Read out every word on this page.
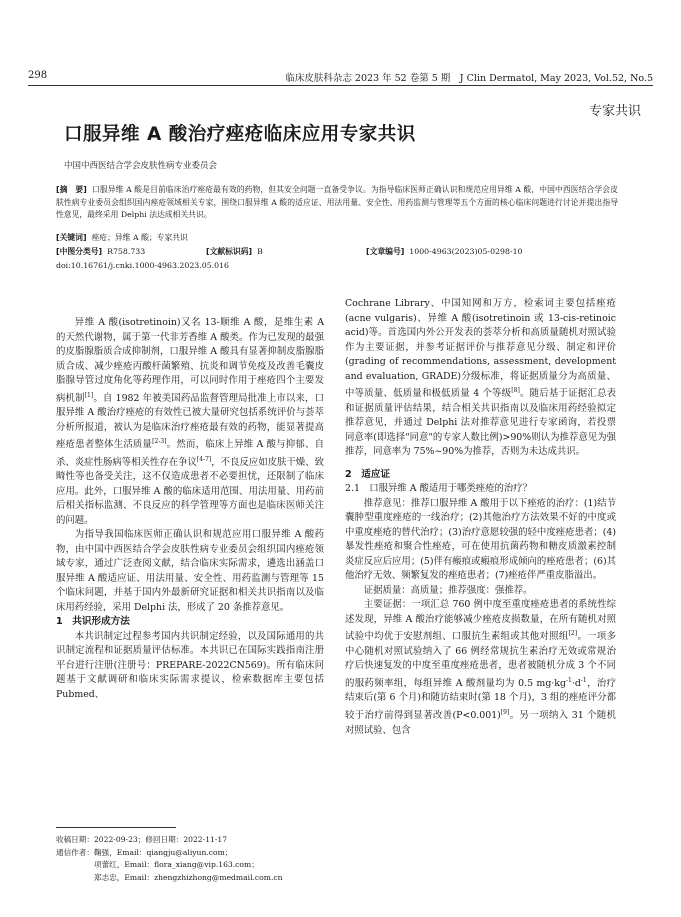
298	临床皮肤科杂志 2023 年 52 卷第 5 期　J Clin Dermatol, May 2023, Vol.52, No.5
专家共识
口服异维 A 酸治疗痤疮临床应用专家共识
中国中西医结合学会皮肤性病专业委员会
[摘　要] 口服异维 A 酸是目前临床治疗痤疮最有效的药物，但其安全问题一直备受争议。为指导临床医师正确认识和规范应用异维 A 酸，中国中西医结合学会皮肤性病专业委员会组织国内痤疮领域相关专家，围绕口服异维 A 酸的适应证、用法用量、安全性、用药监测与管理等五个方面的核心临床问题进行讨论并提出指导性意见，最终采用 Delphi 法达成相关共识。
[关键词] 痤疮；异维 A 酸；专家共识
[中图分类号] R758.733	[文献标识码] B	[文章编号] 1000-4963(2023)05-0298-10
doi:10.16761/j.cnki.1000-4963.2023.05.016

异维 A 酸(isotretinoin)又名 13-顺维 A 酸，是维生素 A 的天然代谢物，属于第一代非芳香维 A 酸类。作为已发现的最强的皮脂腺脂质合成抑制剂，口服异维 A 酸具有显著抑制皮脂腺脂质合成、减少痤疮丙酸杆菌繁殖、抗炎和调节免疫及改善毛囊皮脂腺导管过度角化等药理作用，可以同时作用于痤疮四个主要发病机制[1]。自 1982 年被美国药品监督管理局批准上市以来，口服异维 A 酸治疗痤疮的有效性已被大量研究包括系统评价与荟萃分析所报道，被认为是临床治疗痤疮最有效的药物，能显著提高痤疮患者整体生活质量[2-3]。然而，临床上异维 A 酸与抑郁、自杀、炎症性肠病等相关性存在争议[4-7]，不良反应如皮肤干燥、致畸性等也备受关注，这不仅造成患者不必要担忧，还限制了临床应用。此外，口服异维 A 酸的临床适用范围、用法用量、用药前后相关指标监测、不良反应的科学管理等方面也是临床医师关注的问题。

为指导我国临床医师正确认识和规范应用口服异维 A 酸药物，由中国中西医结合学会皮肤性病专业委员会组织国内痤疮领域专家，通过广泛查阅文献，结合临床实际需求，遴选出涵盖口服异维 A 酸适应证、用法用量、安全性、用药监测与管理等 15 个临床问题，并基于国内外最新研究证据和相关共识指南以及临床用药经验，采用 Delphi 法，形成了 20 条推荐意见。

1　共识形成方法

本共识制定过程参考国内共识制定经验，以及国际通用的共识制定流程和证据质量评估标准。本共识已在国际实践指南注册平台进行注册(注册号：PREPARE-2022CN569)。所有临床问题基于文献调研和临床实际需求提议，检索数据库主要包括 Pubmed、

Cochrane Library、中国知网和万方，检索词主要包括痤疮(acne vulgaris)、异维 A 酸(isotretinoin 或 13-cis-retinoic acid)等。首选国内外公开发表的荟萃分析和高质量随机对照试验作为主要证据，并参考证据评价与推荐意见分级、制定和评价(grading of recommendations, assessment, development and evaluation, GRADE)分级标准，将证据质量分为高质量、中等质量、低质量和极低质量 4 个等级[8]。随后基于证据汇总表和证据质量评估结果，结合相关共识指南以及临床用药经验拟定推荐意见，并通过 Delphi 法对推荐意见进行专家函询，若投票同意率(即选择"同意"的专家人数比例)>90%则认为推荐意见为强推荐，同意率为 75%~90%为推荐，否则为未达成共识。

2　适应证

2.1　口服异维 A 酸适用于哪类痤疮的治疗？

推荐意见：推荐口服异维 A 酸用于以下痤疮的治疗：(1)结节囊肿型重度痤疮的一线治疗；(2)其他治疗方法效果不好的中度或中重度痤疮的替代治疗；(3)治疗意愿较强的轻中度痤疮患者；(4)暴发性痤疮和聚合性痤疮，可在使用抗菌药物和糖皮质激素控制炎症反应后应用；(5)伴有瘢痕或瘢痕形成倾向的痤疮患者；(6)其他治疗无效、频繁复发的痤疮患者；(7)痤疮伴严重皮脂溢出。

证据质量：高质量；推荐强度：强推荐。

主要证据：一项汇总 760 例中度至重度痤疮患者的系统性综述发现，异维 A 酸治疗能够减少痤疮皮损数量，在所有随机对照试验中均优于安慰剂组、口服抗生素组或其他对照组[2]。一项多中心随机对照试验纳入了 66 例经常规抗生素治疗无效或常规治疗后快速复发的中度至重度痤疮患者，患者被随机分成 3 个不同的服药频率组，每组异维 A 酸剂量均为 0.5 $mg\cdot kg^{-1}\cdot d^{-1}$，治疗结束后(第 6 个月)和随访结束时(第 18 个月)，3 组的痤疮评分都较于治疗前得到显著改善(P<0.001)[9]。另一项纳入 31 个随机对照试验、包含

收稿日期：2022-09-23；修回日期：2022-11-17
通信作者：鞠强，Email：qiangju@aliyun.com；
项蕾红，Email：flora_xiang@vip.163.com；
郑志忠，Email：zhengzhizhong@medmail.com.cn
